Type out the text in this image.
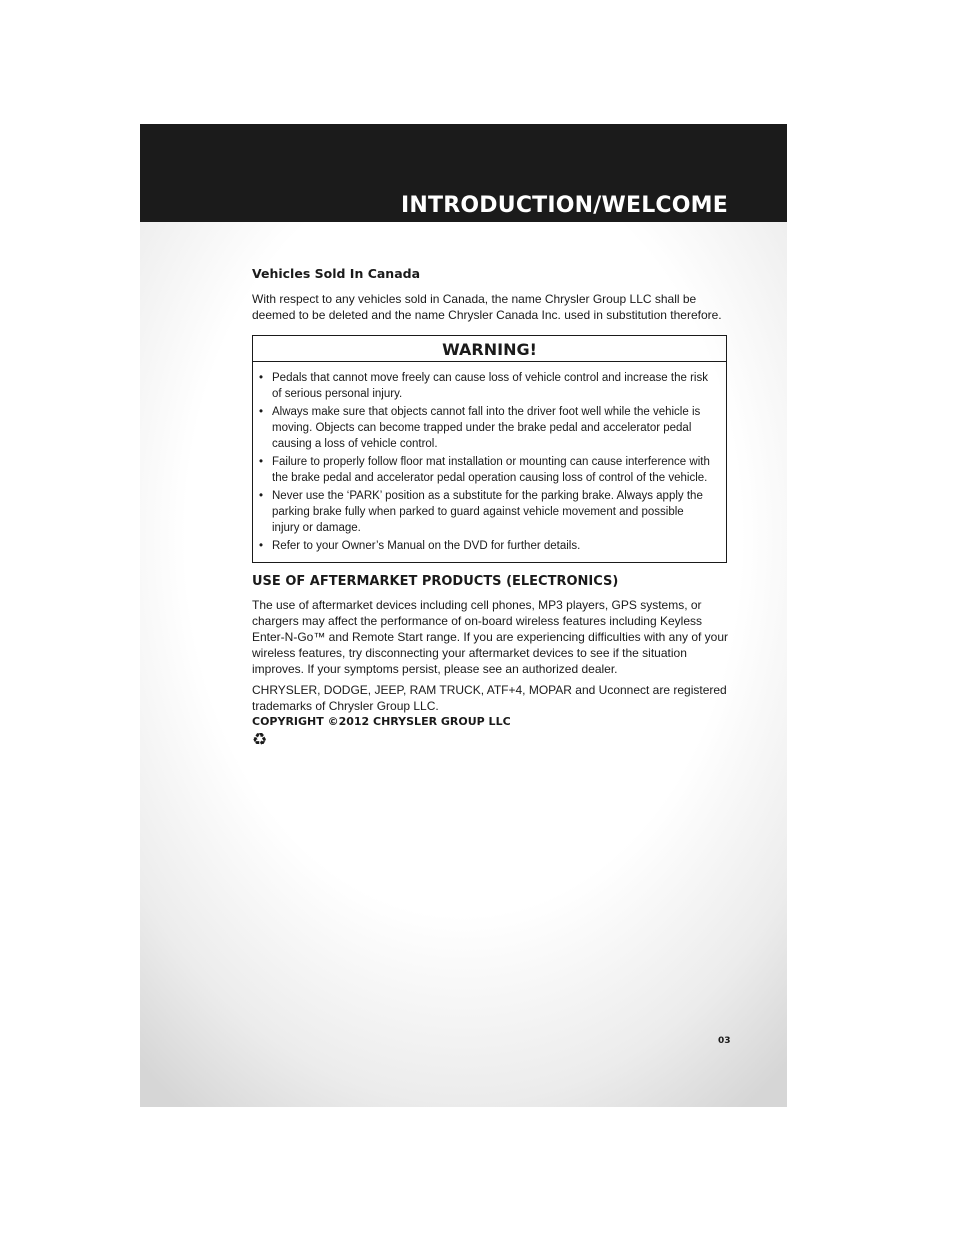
INTRODUCTION/WELCOME
Vehicles Sold In Canada

With respect to any vehicles sold in Canada, the name Chrysler Group LLC shall be deemed to be deleted and the name Chrysler Canada Inc. used in substitution therefore.

WARNING!
• Pedals that cannot move freely can cause loss of vehicle control and increase the risk of serious personal injury.
• Always make sure that objects cannot fall into the driver foot well while the vehicle is moving. Objects can become trapped under the brake pedal and accelerator pedal causing a loss of vehicle control.
• Failure to properly follow floor mat installation or mounting can cause interference with the brake pedal and accelerator pedal operation causing loss of control of the vehicle.
• Never use the ‘PARK’ position as a substitute for the parking brake. Always apply the parking brake fully when parked to guard against vehicle movement and possible injury or damage.
• Refer to your Owner’s Manual on the DVD for further details.
USE OF AFTERMARKET PRODUCTS (ELECTRONICS)

The use of aftermarket devices including cell phones, MP3 players, GPS systems, or chargers may affect the performance of on-board wireless features including Keyless Enter-N-Go™ and Remote Start range. If you are experiencing difficulties with any of your wireless features, try disconnecting your aftermarket devices to see if the situation improves. If your symptoms persist, please see an authorized dealer.

CHRYSLER, DODGE, JEEP, RAM TRUCK, ATF+4, MOPAR and Uconnect are registered trademarks of Chrysler Group LLC.

COPYRIGHT ©2012 CHRYSLER GROUP LLC
♻
03
